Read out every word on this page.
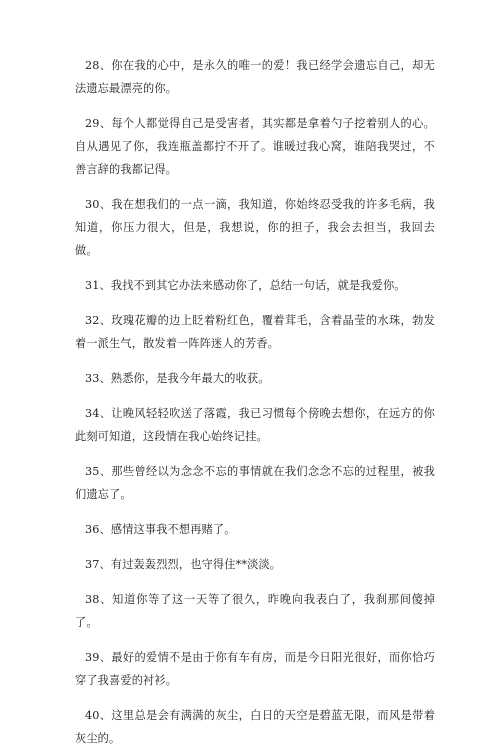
28、你在我的心中，是永久的唯一的爱！我已经学会遗忘自己，却无法遗忘最漂亮的你。

29、每个人都觉得自己是受害者，其实都是拿着勺子挖着别人的心。自从遇见了你，我连瓶盖都拧不开了。谁暖过我心窝，谁陪我哭过，不善言辞的我都记得。

30、我在想我们的一点一滴，我知道，你始终忍受我的许多毛病，我知道，你压力很大，但是，我想说，你的担子，我会去担当，我回去做。

31、我找不到其它办法来感动你了，总结一句话，就是我爱你。

32、玫瑰花瓣的边上眨着粉红色，覆着茸毛，含着晶莹的水珠，勃发着一派生气，散发着一阵阵迷人的芳香。

33、熟悉你，是我今年最大的收获。

34、让晚风轻轻吹送了落霞，我已习惯每个傍晚去想你，在远方的你此刻可知道，这段情在我心始终记挂。

35、那些曾经以为念念不忘的事情就在我们念念不忘的过程里，被我们遗忘了。

36、感情这事我不想再赌了。

37、有过轰轰烈烈，也守得住**淡淡。

38、知道你等了这一天等了很久，昨晚向我表白了，我刹那间傻掉了。

39、最好的爱情不是由于你有车有房，而是今日阳光很好，而你恰巧穿了我喜爱的衬衫。

40、这里总是会有满满的灰尘，白日的天空是碧蓝无限，而风是带着灰尘的。
